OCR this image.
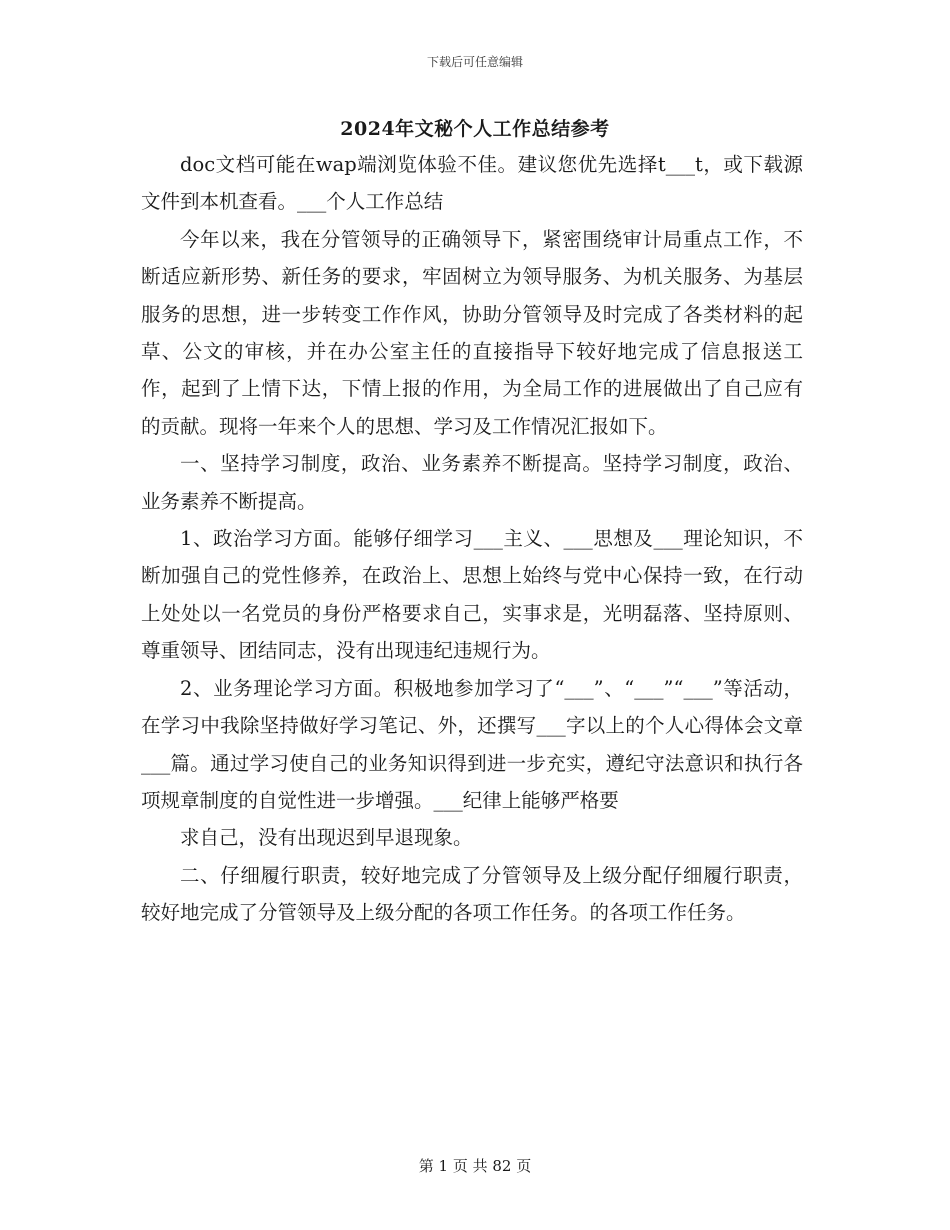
下载后可任意编辑
2024年文秘个人工作总结参考

doc文档可能在wap端浏览体验不佳。建议您优先选择t___t，或下载源文件到本机查看。___个人工作总结

今年以来，我在分管领导的正确领导下，紧密围绕审计局重点工作，不断适应新形势、新任务的要求，牢固树立为领导服务、为机关服务、为基层服务的思想，进一步转变工作作风，协助分管领导及时完成了各类材料的起草、公文的审核，并在办公室主任的直接指导下较好地完成了信息报送工作，起到了上情下达，下情上报的作用，为全局工作的进展做出了自己应有的贡献。现将一年来个人的思想、学习及工作情况汇报如下。

一、坚持学习制度，政治、业务素养不断提高。坚持学习制度，政治、业务素养不断提高。

1、政治学习方面。能够仔细学习___主义、___思想及___理论知识，不断加强自己的党性修养，在政治上、思想上始终与党中心保持一致，在行动上处处以一名党员的身份严格要求自己，实事求是，光明磊落、坚持原则、尊重领导、团结同志，没有出现违纪违规行为。

2、业务理论学习方面。积极地参加学习了“___”、“___”“___”等活动，在学习中我除坚持做好学习笔记、外，还撰写___字以上的个人心得体会文章___篇。通过学习使自己的业务知识得到进一步充实，遵纪守法意识和执行各项规章制度的自觉性进一步增强。___纪律上能够严格要

求自己，没有出现迟到早退现象。

二、仔细履行职责，较好地完成了分管领导及上级分配仔细履行职责，较好地完成了分管领导及上级分配的各项工作任务。的各项工作任务。

第 1 页 共 82 页
